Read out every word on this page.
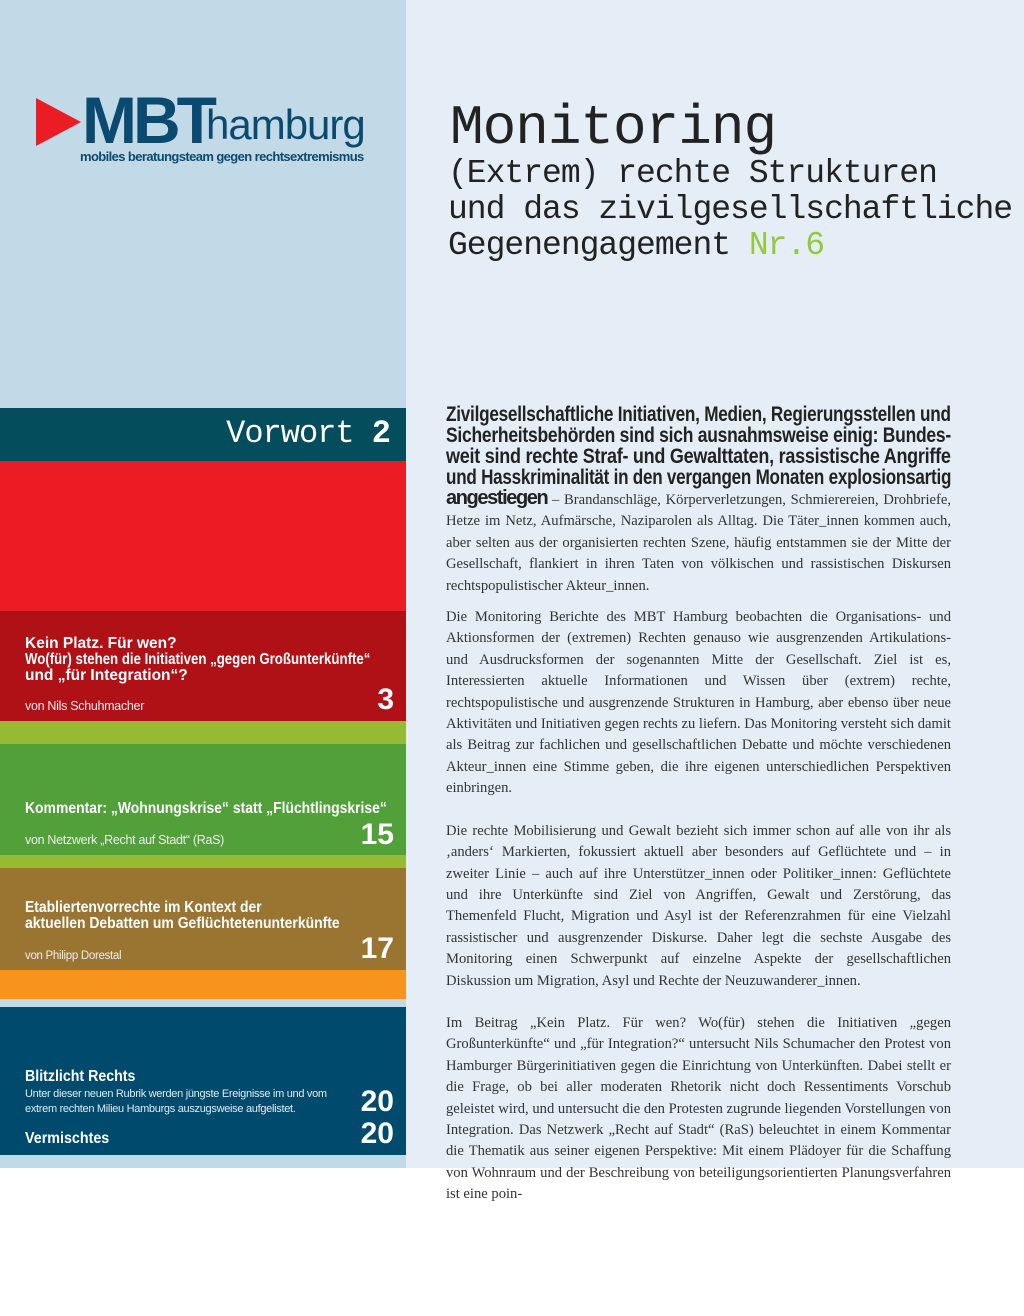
MBT
hamburg
mobiles beratungsteam gegen rechtsextremismus Monitoring
(Extrem) rechte Strukturen
und das zivilgesellschaftliche
Gegenengagement Nr.6
Vorwort 2
Kein Platz. Für wen?
Wo(für) stehen die Initiativen „gegen Großunterkünfte“
und „für Integration“?
von Nils Schuhmacher	3
Kommentar: „Wohnungskrise“ statt „Flüchtlingskrise“
von Netzwerk „Recht auf Stadt“ (RaS)	15
Etabliertenvorrechte im Kontext der
aktuellen Debatten um Geflüchtetenunterkünfte
von Philipp Dorestal	17
Blitzlicht Rechts
Unter dieser neuen Rubrik werden jüngste Ereignisse im und vom
extrem rechten Milieu Hamburgs auszugsweise aufgelistet.	20
Vermischtes	20
Zivilgesellschaftliche Initiativen, Medien, Regierungsstellen und
Sicherheitsbehörden sind sich ausnahmsweise einig: Bundes-
weit sind rechte Straf- und Gewalttaten, rassistische Angriffe
und Hasskriminalität in den vergangen Monaten explosionsartig

angestiegen – Brandanschläge, Körperverletzungen, Schmierereien, Drohbriefe, Hetze im Netz, Aufmärsche, Naziparolen als Alltag. Die Täter_innen kommen auch, aber selten aus der organisierten rechten Szene, häufig entstammen sie der Mitte der Gesellschaft, flankiert in ihren Taten von völkischen und rassistischen Diskursen rechtspopulistischer Akteur_innen.

Die Monitoring Berichte des MBT Hamburg beobachten die Organisations- und Aktionsformen der (extremen) Rechten genauso wie ausgrenzenden Artikulations- und Ausdrucksformen der sogenannten Mitte der Gesellschaft. Ziel ist es, Interessierten aktuelle Informationen und Wissen über (extrem) rechte, rechtspopulistische und ausgrenzende Strukturen in Hamburg, aber ebenso über neue Aktivitäten und Initiativen gegen rechts zu liefern. Das Monitoring versteht sich damit als Beitrag zur fachlichen und gesellschaftlichen Debatte und möchte verschiedenen Akteur_innen eine Stimme geben, die ihre eigenen unterschiedlichen Perspektiven einbringen.

Die rechte Mobilisierung und Gewalt bezieht sich immer schon auf alle von ihr als ‚anders‘ Markierten, fokussiert aktuell aber besonders auf Geflüchtete und – in zweiter Linie – auch auf ihre Unterstützer_innen oder Politiker_innen: Geflüchtete und ihre Unterkünfte sind Ziel von Angriffen, Gewalt und Zerstörung, das Themenfeld Flucht, Migration und Asyl ist der Referenzrahmen für eine Vielzahl rassistischer und ausgrenzender Diskurse. Daher legt die sechste Ausgabe des Monitoring einen Schwerpunkt auf einzelne Aspekte der gesellschaftlichen Diskussion um Migration, Asyl und Rechte der Neuzuwanderer_innen.

Im Beitrag „Kein Platz. Für wen? Wo(für) stehen die Initiativen „gegen Großunterkünfte“ und „für Integration?“ untersucht Nils Schumacher den Protest von Hamburger Bürgerinitiativen gegen die Einrichtung von Unterkünften. Dabei stellt er die Frage, ob bei aller moderaten Rhetorik nicht doch Ressentiments Vorschub geleistet wird, und untersucht die den Protesten zugrunde liegenden Vorstellungen von Integration. Das Netzwerk „Recht auf Stadt“ (RaS) beleuchtet in einem Kommentar die Thematik aus seiner eigenen Perspektive: Mit einem Plädoyer für die Schaffung von Wohnraum und der Beschreibung von beteiligungsorientierten Planungsverfahren ist eine poin-
